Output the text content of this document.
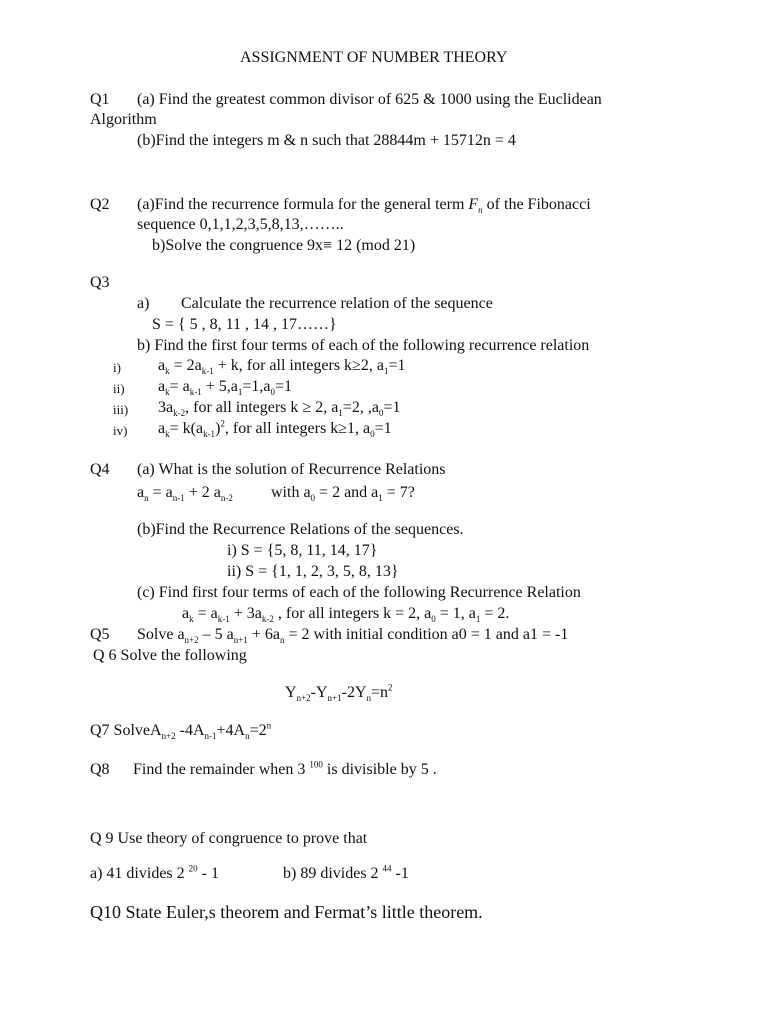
ASSIGNMENT OF NUMBER THEORY
Q1 (a) Find the greatest common divisor of 625 & 1000 using the Euclidean
Algorithm
(b)Find the integers m & n such that 28844m + 15712n = 4
Q2 (a)Find the recurrence formula for the general term $F_n$ of the Fibonacci
sequence 0,1,1,2,3,5,8,13,……..
b)Solve the congruence 9x≡ 12 (mod 21)
Q3
a) Calculate the recurrence relation of the sequence
S = { 5 , 8, 11 , 14 , 17……}
b) Find the first four terms of each of the following recurrence relation
i) $a_k = 2a_{k-1} + k$, for all integers k≥2, $a_1=1$
ii) $a_k= a_{k-1} + 5,a_1=1,a_0=1$
iii) $3a_{k-2}$, for all integers k ≥ 2, $a_1=2$, $,a_0=1$
iv) $a_k= k(a_{k-1})^2$, for all integers k≥1, $a_0=1$
Q4 (a) What is the solution of Recurrence Relations
$a_n = a_{n-1} + 2$ $a_{n-2}$ with $a_0 = 2$ and $a_1 = 7$?
(b)Find the Recurrence Relations of the sequences.
i) S = {5, 8, 11, 14, 17}
ii) S = {1, 1, 2, 3, 5, 8, 13}
(c) Find first four terms of each of the following Recurrence Relation
$a_k = a_{k-1} + 3a_{k-2}$ , for all integers k = 2, $a_0 = 1$, $a_1 = 2$.
Q5 Solve $a_{n+2} - 5$ $a_{n+1} + 6a_n = 2$ with initial condition a0 = 1 and a1 = -1
Q 6 Solve the following
$Y_{n+2}-Y_{n+1}-2Y_n=n^2$
Q7 SolveA$_{n+2}$ $-4A_{n-1}+4A_n=2^n$
Q8 Find the remainder when 3 $^{100}$ is divisible by 5 .
Q 9 Use theory of congruence to prove that
a) 41 divides 2 $^{20}$ - 1	b) 89 divides 2 $^{44}$ -1
Q10 State Euler,s theorem and Fermat’s little theorem.
